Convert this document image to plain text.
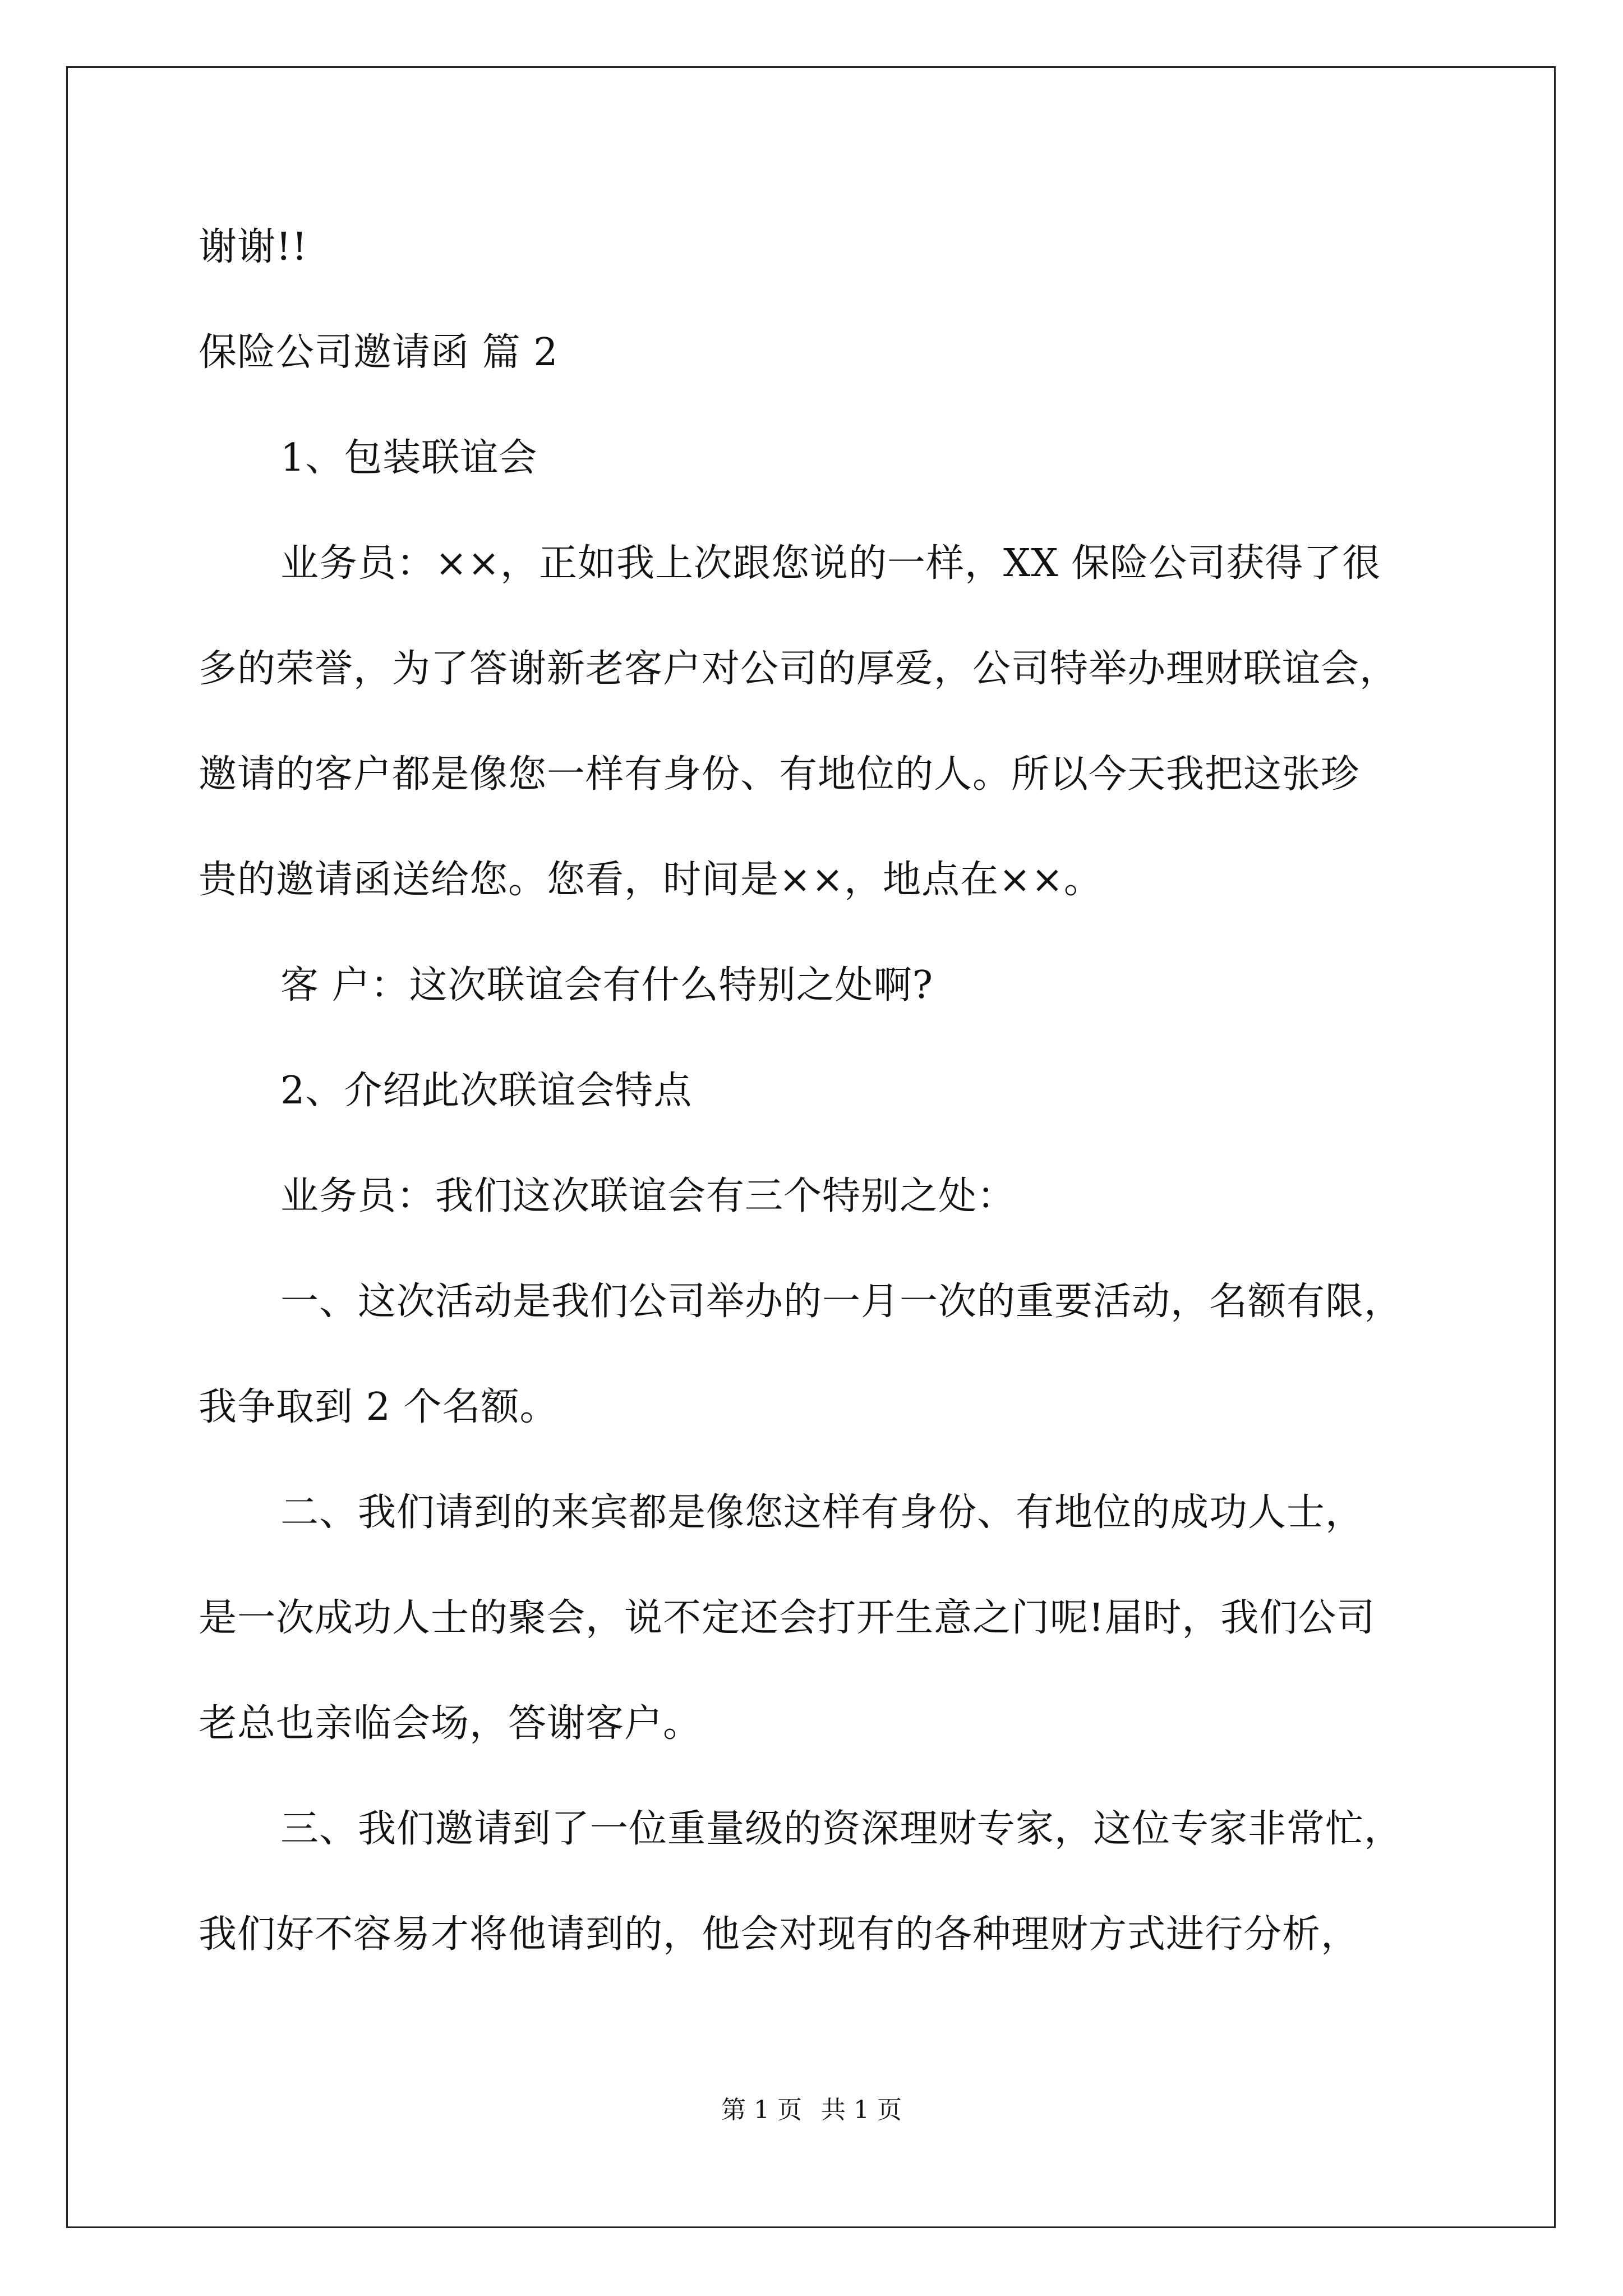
谢谢!!
保险公司邀请函 篇 2
1、包装联谊会
业务员：××，正如我上次跟您说的一样，XX 保险公司获得了很
多的荣誉，为了答谢新老客户对公司的厚爱，公司特举办理财联谊会，
邀请的客户都是像您一样有身份、有地位的人。所以今天我把这张珍
贵的邀请函送给您。您看，时间是××，地点在××。
客 户：这次联谊会有什么特别之处啊?
2、介绍此次联谊会特点
业务员：我们这次联谊会有三个特别之处：
一、这次活动是我们公司举办的一月一次的重要活动，名额有限，
我争取到 2 个名额。
二、我们请到的来宾都是像您这样有身份、有地位的成功人士，
是一次成功人士的聚会，说不定还会打开生意之门呢!届时，我们公司
老总也亲临会场，答谢客户。
三、我们邀请到了一位重量级的资深理财专家，这位专家非常忙，
我们好不容易才将他请到的，他会对现有的各种理财方式进行分析，
第 1 页 共 1 页
